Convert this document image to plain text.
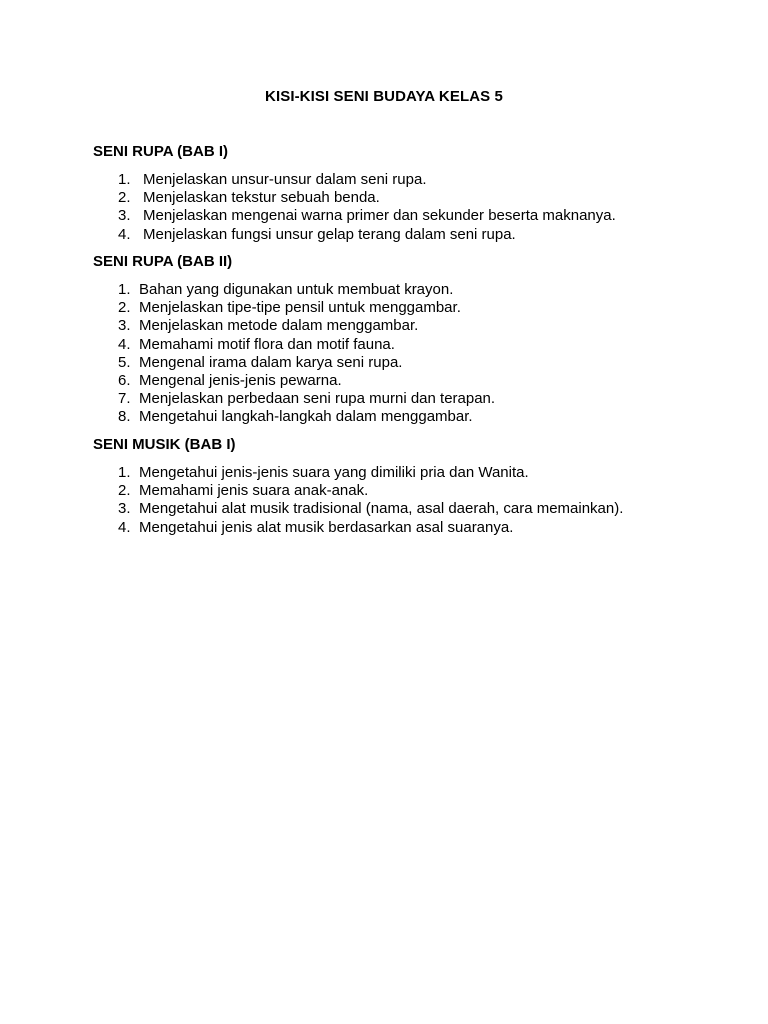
KISI-KISI SENI BUDAYA KELAS 5
SENI RUPA (BAB I)
1. Menjelaskan unsur-unsur dalam seni rupa.
2. Menjelaskan tekstur sebuah benda.
3. Menjelaskan mengenai warna primer dan sekunder beserta maknanya.
4. Menjelaskan fungsi unsur gelap terang dalam seni rupa.
SENI RUPA (BAB II)
1. Bahan yang digunakan untuk membuat krayon.
2. Menjelaskan tipe-tipe pensil untuk menggambar.
3. Menjelaskan metode dalam menggambar.
4. Memahami motif flora dan motif fauna.
5. Mengenal irama dalam karya seni rupa.
6. Mengenal jenis-jenis pewarna.
7. Menjelaskan perbedaan seni rupa murni dan terapan.
8. Mengetahui langkah-langkah dalam menggambar.
SENI MUSIK (BAB I)
1. Mengetahui jenis-jenis suara yang dimiliki pria dan Wanita.
2. Memahami jenis suara anak-anak.
3. Mengetahui alat musik tradisional (nama, asal daerah, cara memainkan).
4. Mengetahui jenis alat musik berdasarkan asal suaranya.
